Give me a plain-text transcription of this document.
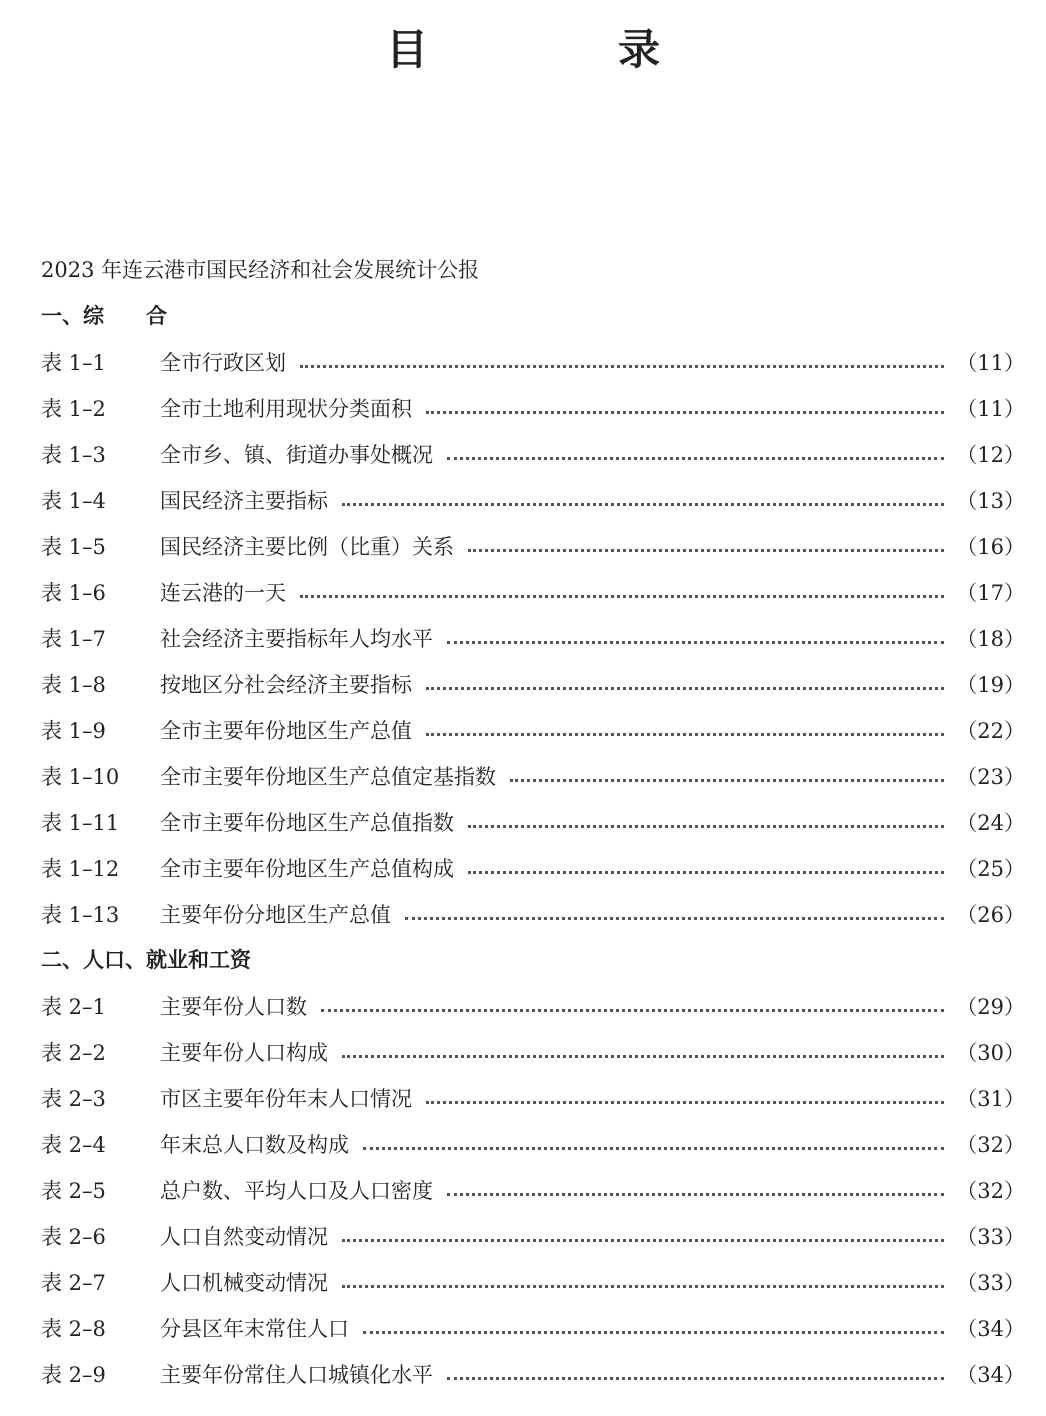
目　录
2023 年连云港市国民经济和社会发展统计公报
一、综　　合
表 1–1	全市行政区划	（11）
表 1–2	全市土地利用现状分类面积	（11）
表 1–3	全市乡、镇、街道办事处概况	（12）
表 1–4	国民经济主要指标	（13）
表 1–5	国民经济主要比例（比重）关系	（16）
表 1–6	连云港的一天	（17）
表 1–7	社会经济主要指标年人均水平	（18）
表 1–8	按地区分社会经济主要指标	（19）
表 1–9	全市主要年份地区生产总值	（22）
表 1–10	全市主要年份地区生产总值定基指数	（23）
表 1–11	全市主要年份地区生产总值指数	（24）
表 1–12	全市主要年份地区生产总值构成	（25）
表 1–13	主要年份分地区生产总值	（26）
二、人口、就业和工资
表 2–1	主要年份人口数	（29）
表 2–2	主要年份人口构成	（30）
表 2–3	市区主要年份年末人口情况	（31）
表 2–4	年末总人口数及构成	（32）
表 2–5	总户数、平均人口及人口密度	（32）
表 2–6	人口自然变动情况	（33）
表 2–7	人口机械变动情况	（33）
表 2–8	分县区年末常住人口	（34）
表 2–9	主要年份常住人口城镇化水平	（34）
